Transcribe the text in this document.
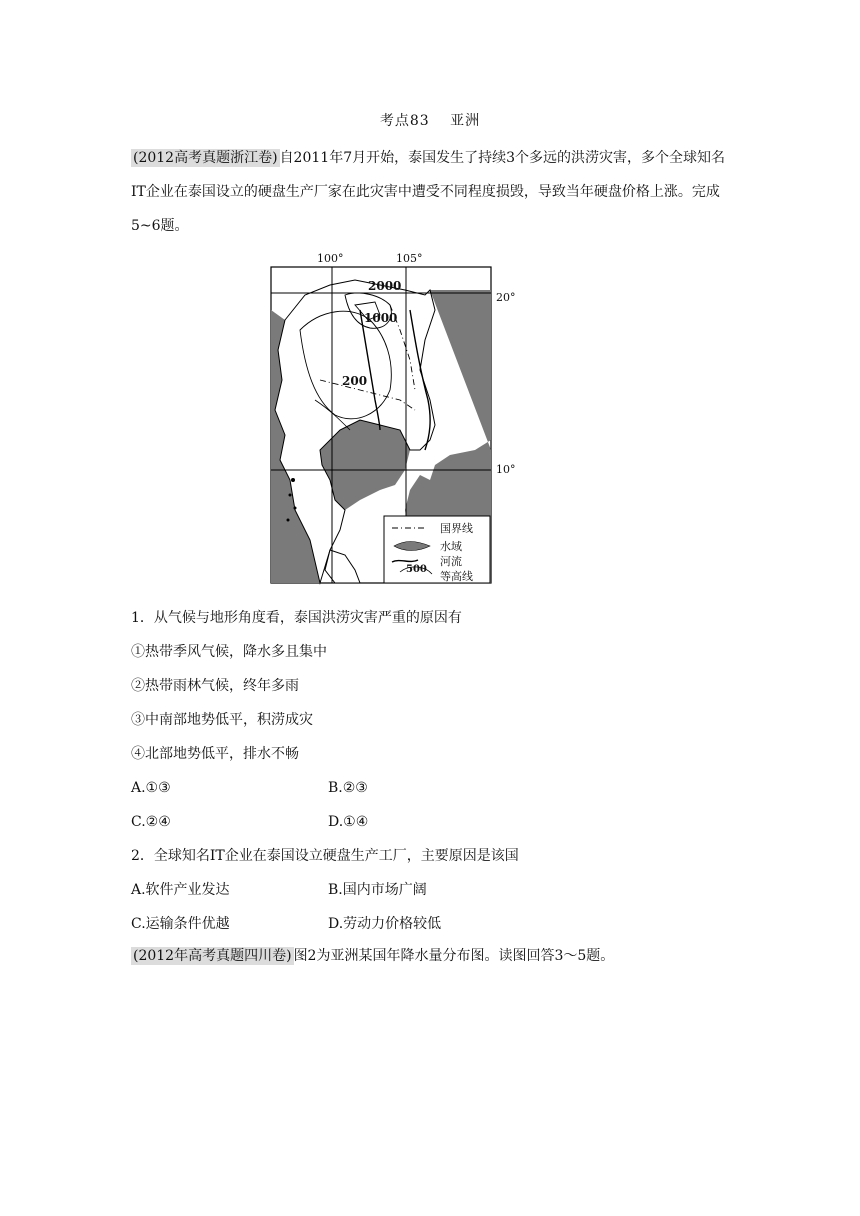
考点83　 亚洲

(2012高考真题浙江卷) 自2011年7月开始，泰国发生了持续3个多远的洪涝灾害，多个全球知名IT企业在泰国设立的硬盘生产厂家在此灾害中遭受不同程度损毁，导致当年硬盘价格上涨。完成5~6题。

100°	105°
20°
10°
2000
1000
200
国界线
水域
河流
等高线
500
1．从气候与地形角度看，泰国洪涝灾害严重的原因有
①热带季风气候，降水多且集中
②热带雨林气候，终年多雨
③中南部地势低平，积涝成灾
④北部地势低平，排水不畅
A.①③	B.②③
C.②④	D.①④
2．全球知名IT企业在泰国设立硬盘生产工厂，主要原因是该国
A.软件产业发达	B.国内市场广阔
C.运输条件优越	D.劳动力价格较低
(2012年高考真题四川卷) 图2为亚洲某国年降水量分布图。读图回答3～5题。
